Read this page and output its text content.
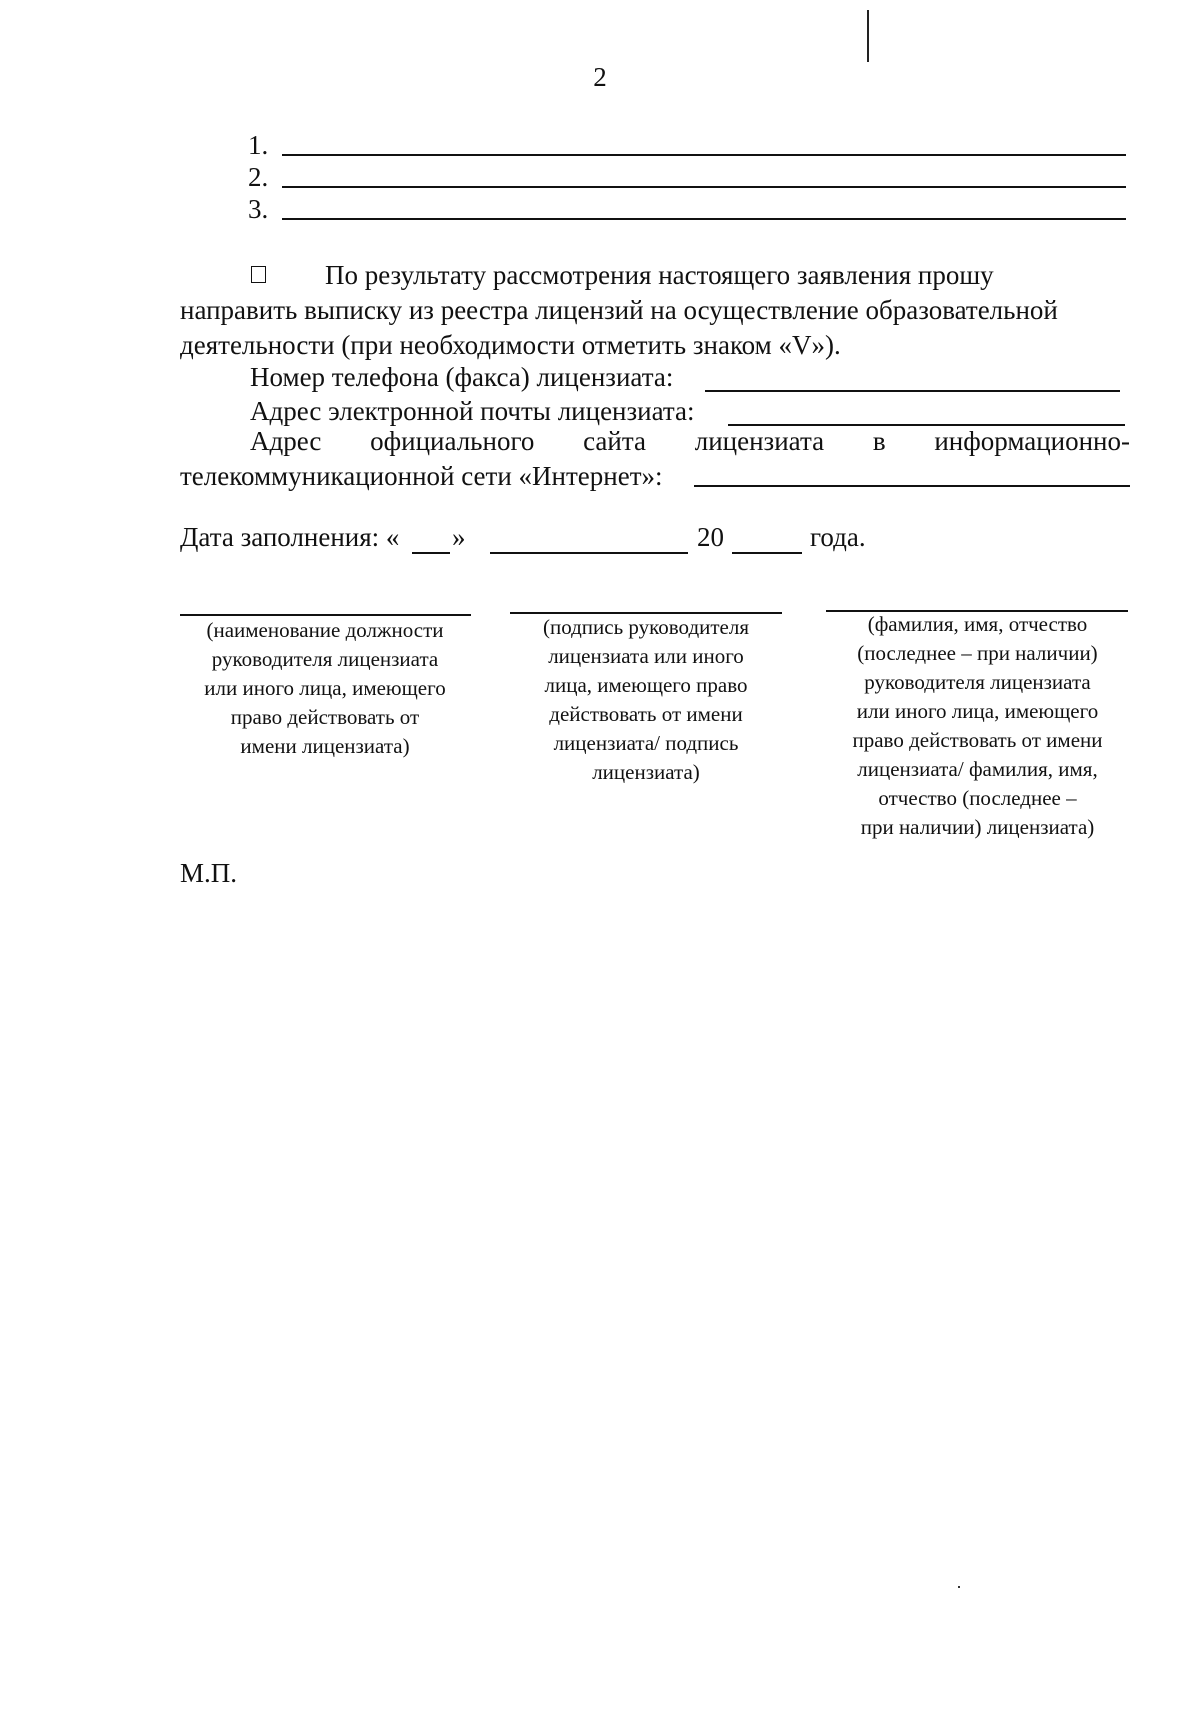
2
1.
2.
3.
По результату рассмотрения настоящего заявления прошу
направить выписку из реестра лицензий на осуществление образовательной
деятельности (при необходимости отметить знаком «V»).
Номер телефона (факса) лицензиата:
Адрес электронной почты лицензиата:
Адрес официального сайта лицензиата в информационно-
телекоммуникационной сети «Интернет»:
Дата заполнения: « »	20	года.
(наименование должности
руководителя лицензиата
или иного лица, имеющего
право действовать от
имени лицензиата)
(подпись руководителя
лицензиата или иного
лица, имеющего право
действовать от имени
лицензиата/ подпись
лицензиата)
(фамилия, имя, отчество
(последнее – при наличии)
руководителя лицензиата
или иного лица, имеющего
право действовать от имени
лицензиата/ фамилия, имя,
отчество (последнее –
при наличии) лицензиата)
М.П.
